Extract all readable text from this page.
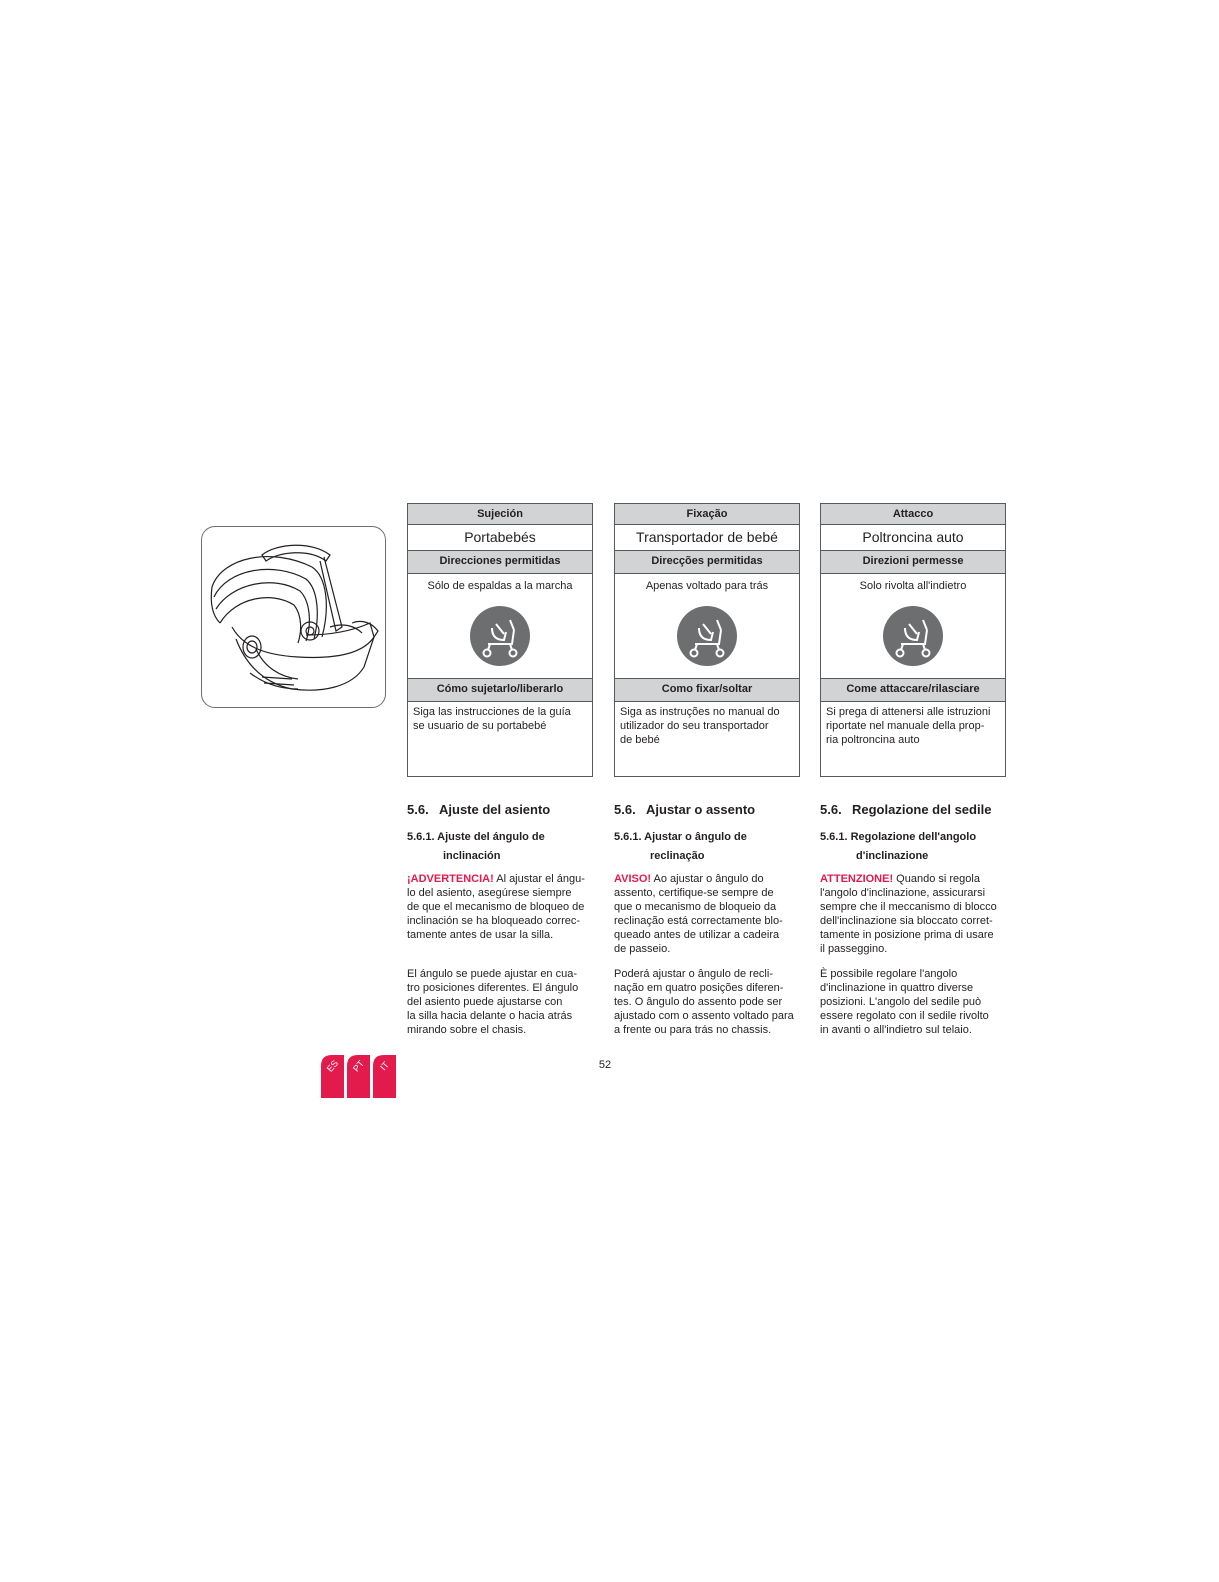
Sujeción
Portabebés
Direcciones permitidas
Sólo de espaldas a la marcha
Cómo sujetarlo/liberarlo
Siga las instrucciones de la guía
se usuario de su portabebé
Fixação
Transportador de bebé
Direcções permitidas
Apenas voltado para trás
Como fixar/soltar
Siga as instruções no manual do
utilizador do seu transportador
de bebé
Attacco
Poltroncina auto
Direzioni permesse
Solo rivolta all'indietro
Come attaccare/rilasciare
Si prega di attenersi alle istruzioni
riportate nel manuale della prop-
ria poltroncina auto
5.6. Ajuste del asiento
5.6.1. Ajuste del ángulo de
inclinación
¡ADVERTENCIA! Al ajustar el ángu-
lo del asiento, asegúrese siempre
de que el mecanismo de bloqueo de
inclinación se ha bloqueado correc-
tamente antes de usar la silla.
El ángulo se puede ajustar en cua-
tro posiciones diferentes. El ángulo
del asiento puede ajustarse con
la silla hacia delante o hacia atrás
mirando sobre el chasis.
5.6. Ajustar o assento
5.6.1. Ajustar o ângulo de
reclinação
AVISO! Ao ajustar o ângulo do
assento, certifique-se sempre de
que o mecanismo de bloqueio da
reclinação está correctamente blo-
queado antes de utilizar a cadeira
de passeio.
Poderá ajustar o ângulo de recli-
nação em quatro posições diferen-
tes. O ângulo do assento pode ser
ajustado com o assento voltado para
a frente ou para trás no chassis.
5.6. Regolazione del sedile
5.6.1. Regolazione dell'angolo
d'inclinazione
ATTENZIONE! Quando si regola
l'angolo d'inclinazione, assicurarsi
sempre che il meccanismo di blocco
dell'inclinazione sia bloccato corret-
tamente in posizione prima di usare
il passeggino.
È possibile regolare l'angolo
d'inclinazione in quattro diverse
posizioni. L'angolo del sedile può
essere regolato con il sedile rivolto
in avanti o all'indietro sul telaio.
52
ES	PT	IT
